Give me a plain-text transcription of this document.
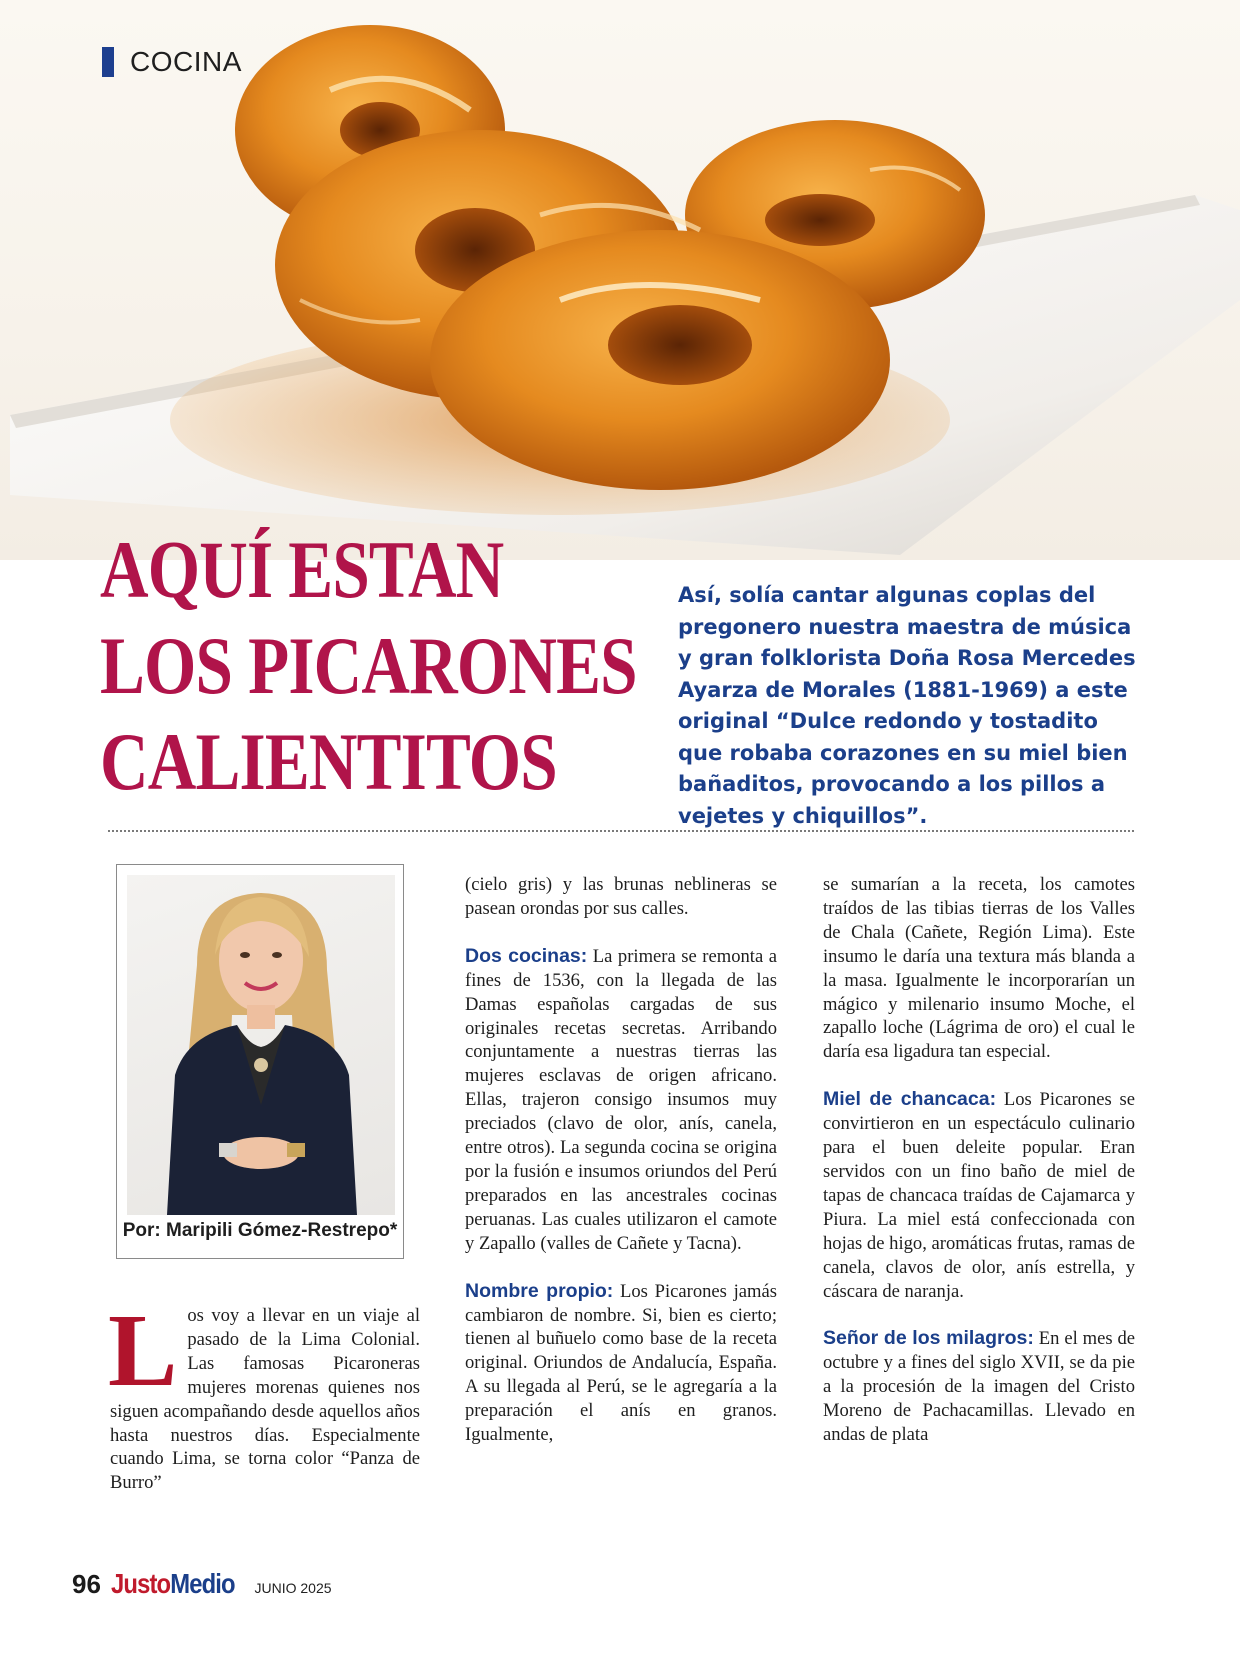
COCINA
AQUÍ ESTAN
LOS PICARONES
CALIENTITOS

Así, solía cantar algunas coplas del pregonero nuestra maestra de música y gran folklorista Doña Rosa Mercedes Ayarza de Morales (1881-1969) a este original “Dulce redondo y tostadito que robaba corazones en su miel bien bañaditos, provocando a los pillos a vejetes y chiquillos”.

Por: Maripili Gómez-Restrepo*

Los voy a llevar en un viaje al pasado de la Lima Colonial. Las famosas Picaroneras mujeres morenas quienes nos siguen acompañando desde aquellos años hasta nuestros días. Especialmente cuando Lima, se torna color “Panza de Burro”

(cielo gris) y las brunas neblineras se pasean orondas por sus calles.

Dos cocinas: La primera se remonta a fines de 1536, con la llegada de las Damas españolas cargadas de sus originales recetas secretas. Arribando conjuntamente a nuestras tierras las mujeres esclavas de origen africano. Ellas, trajeron consigo insumos muy preciados (clavo de olor, anís, canela, entre otros). La segunda cocina se origina por la fusión e insumos oriundos del Perú preparados en las ancestrales cocinas peruanas. Las cuales utilizaron el camote y Zapallo (valles de Cañete y Tacna).

Nombre propio: Los Picarones jamás cambiaron de nombre. Si, bien es cierto; tienen al buñuelo como base de la receta original. Oriundos de Andalucía, España. A su llegada al Perú, se le agregaría a la preparación el anís en granos. Igualmente,

se sumarían a la receta, los camotes traídos de las tibias tierras de los Valles de Chala (Cañete, Región Lima). Este insumo le daría una textura más blanda a la masa. Igualmente le incorporarían un mágico y milenario insumo Moche, el zapallo loche (Lágrima de oro) el cual le daría esa ligadura tan especial.

Miel de chancaca: Los Picarones se convirtieron en un espectáculo culinario para el buen deleite popular. Eran servidos con un fino baño de miel de tapas de chancaca traídas de Cajamarca y Piura. La miel está confeccionada con hojas de higo, aromáticas frutas, ramas de canela, clavos de olor, anís estrella, y cáscara de naranja.

Señor de los milagros: En el mes de octubre y a fines del siglo XVII, se da pie a la procesión de la imagen del Cristo Moreno de Pachacamillas. Llevado en andas de plata

96 JustoMedio JUNIO 2025
